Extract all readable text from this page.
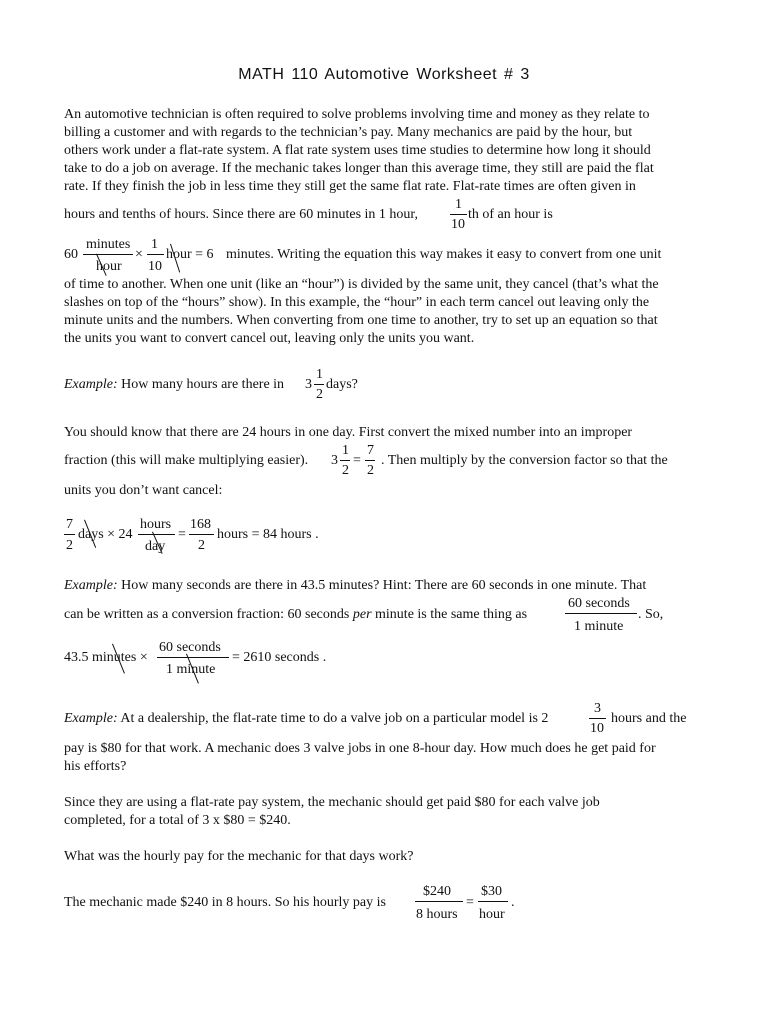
MATH 110 Automotive Worksheet # 3
An automotive technician is often required to solve problems involving time and money as they relate to
billing a customer and with regards to the technician’s pay. Many mechanics are paid by the hour, but
others work under a flat-rate system. A flat rate system uses time studies to determine how long it should
take to do a job on average. If the mechanic takes longer than this average time, they still are paid the flat
rate. If they finish the job in less time they still get the same flat rate. Flat-rate times are often given in
hours and tenths of hours. Since there are 60 minutes in 1 hour,
1
10
th of an hour is
60
minutes
hour
×
1
10
hour = 6 minutes. Writing the equation this way makes it easy to convert from one unit
of time to another. When one unit (like an “hour”) is divided by the same unit, they cancel (that’s what the
slashes on top of the “hours” show). In this example, the “hour” in each term cancel out leaving only the
minute units and the numbers. When converting from one time to another, try to set up an equation so that
the units you want to convert cancel out, leaving only the units you want.
Example: How many hours are there in 3
1
2
days?
You should know that there are 24 hours in one day. First convert the mixed number into an improper
fraction (this will make multiplying easier). 3
1
2
=
7
2
. Then multiply by the conversion factor so that the
units you don’t want cancel:
7
2
days × 24
hours
day
=
168
2
hours = 84 hours .
Example: How many seconds are there in 43.5 minutes? Hint: There are 60 seconds in one minute. That
can be written as a conversion fraction: 60 seconds per minute is the same thing as
60 seconds
1 minute
. So,
43.5 minutes ×
60 seconds
1 minute
= 2610 seconds .
Example: At a dealership, the flat-rate time to do a valve job on a particular model is 2
3
10
hours and the
pay is $80 for that work. A mechanic does 3 valve jobs in one 8-hour day. How much does he get paid for
his efforts?
Since they are using a flat-rate pay system, the mechanic should get paid $80 for each valve job
completed, for a total of 3 x $80 = $240.
What was the hourly pay for the mechanic for that days work?
The mechanic made $240 in 8 hours. So his hourly pay is
$240
8 hours
=
$30
hour
.
